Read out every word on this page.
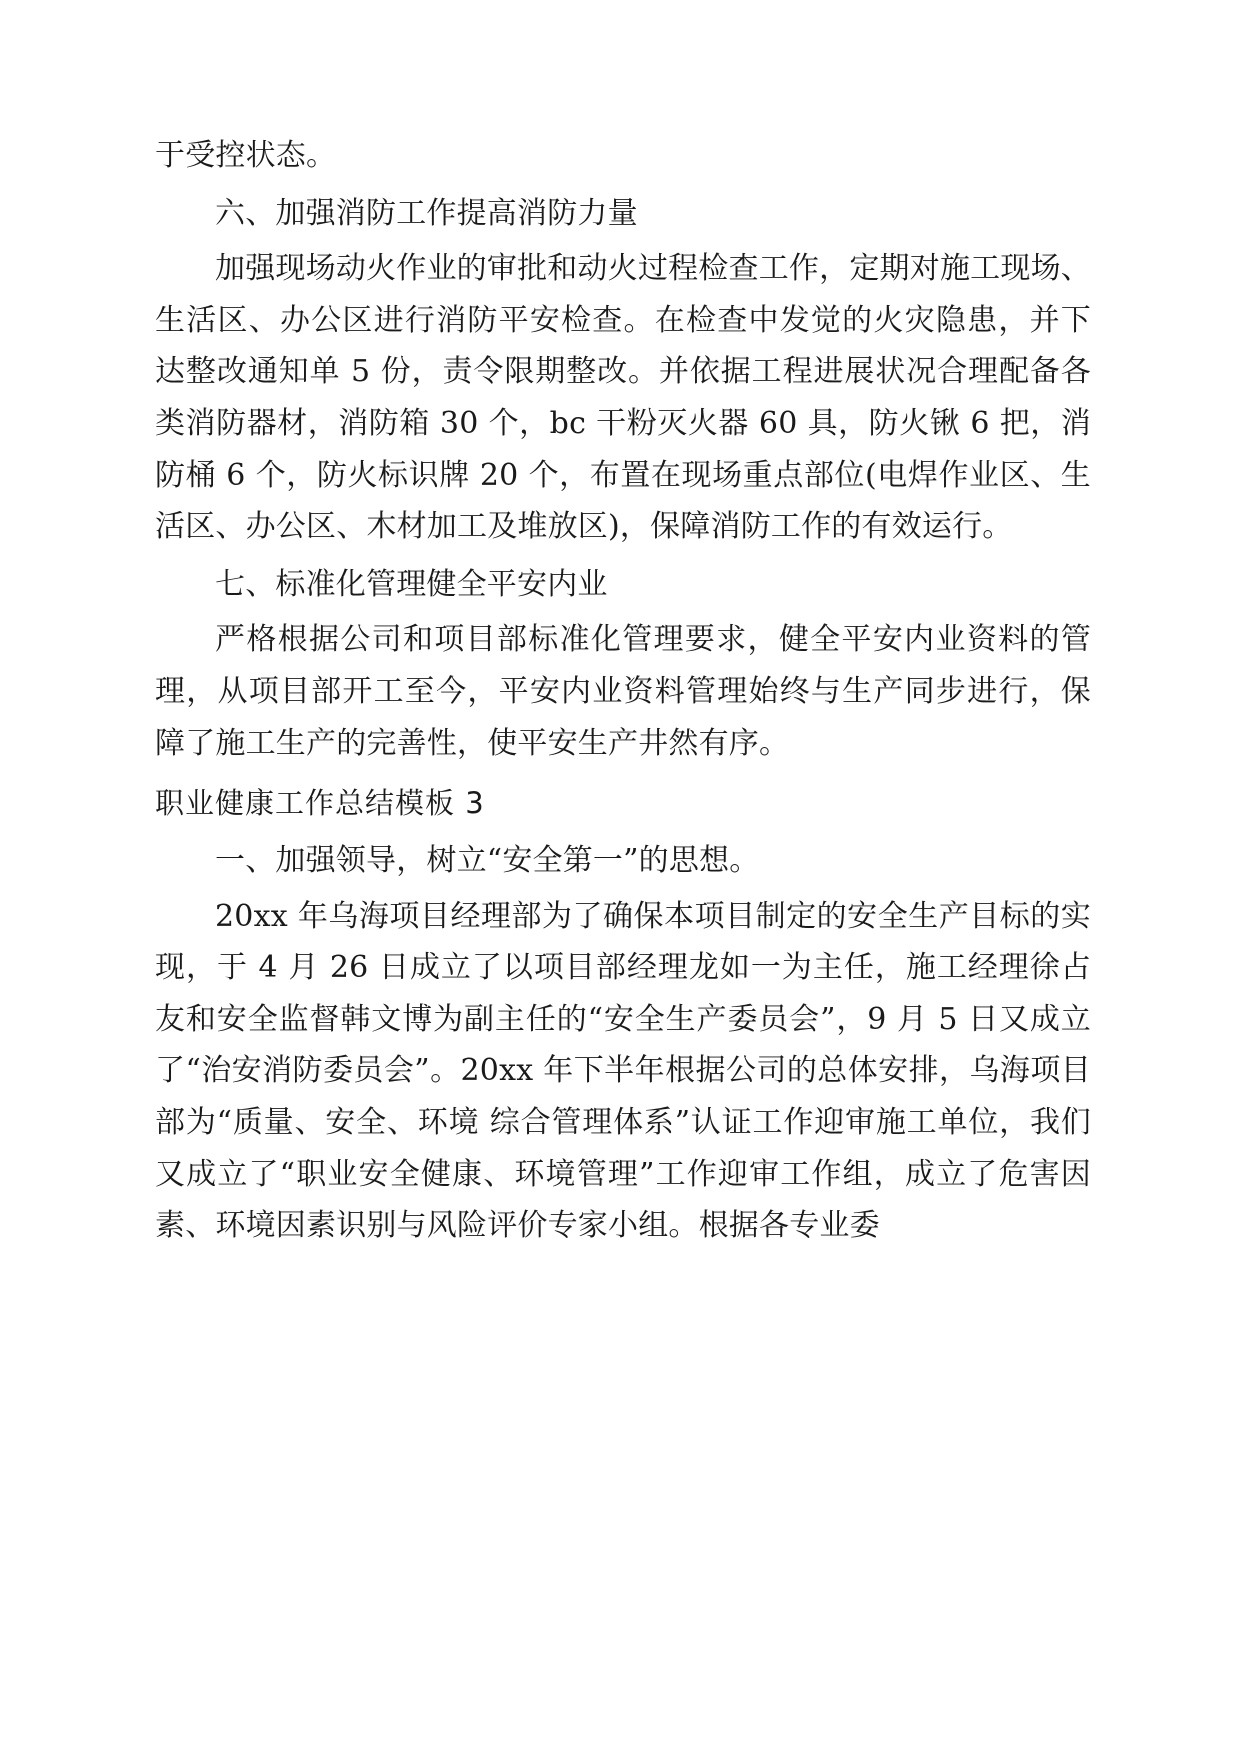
于受控状态。

六、加强消防工作提高消防力量

加强现场动火作业的审批和动火过程检查工作，定期对施工现场、生活区、办公区进行消防平安检查。在检查中发觉的火灾隐患，并下达整改通知单 5 份，责令限期整改。并依据工程进展状况合理配备各类消防器材，消防箱 30 个，bc 干粉灭火器 60 具，防火锹 6 把，消防桶 6 个，防火标识牌 20 个，布置在现场重点部位(电焊作业区、生活区、办公区、木材加工及堆放区)，保障消防工作的有效运行。

七、标准化管理健全平安内业

严格根据公司和项目部标准化管理要求，健全平安内业资料的管理，从项目部开工至今，平安内业资料管理始终与生产同步进行，保障了施工生产的完善性，使平安生产井然有序。

职业健康工作总结模板 3

一、加强领导，树立“安全第一”的思想。

20xx 年乌海项目经理部为了确保本项目制定的安全生产目标的实现，于 4 月 26 日成立了以项目部经理龙如一为主任，施工经理徐占友和安全监督韩文博为副主任的“安全生产委员会”，9 月 5 日又成立了“治安消防委员会”。20xx 年下半年根据公司的总体安排，乌海项目部为“质量、安全、环境 综合管理体系”认证工作迎审施工单位，我们又成立了“职业安全健康、环境管理”工作迎审工作组，成立了危害因素、环境因素识别与风险评价专家小组。根据各专业委
